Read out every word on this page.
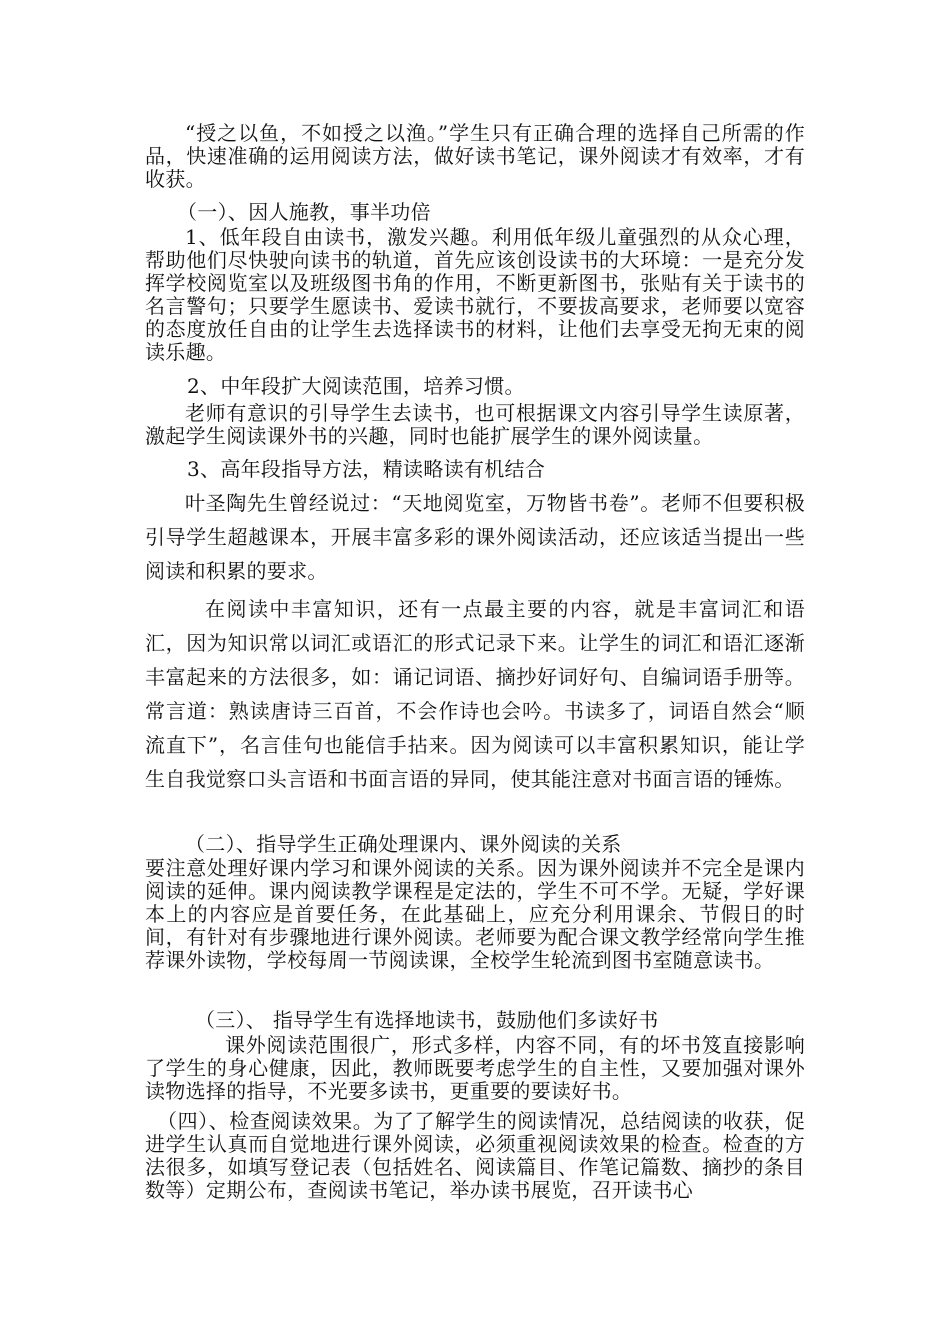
“授之以鱼，不如授之以渔。”学生只有正确合理的选择自己所需的作品，快速准确的运用阅读方法，做好读书笔记，课外阅读才有效率，才有收获。

（一）、因人施教，事半功倍

1、低年段自由读书，激发兴趣。利用低年级儿童强烈的从众心理，帮助他们尽快驶向读书的轨道，首先应该创设读书的大环境：一是充分发挥学校阅览室以及班级图书角的作用，不断更新图书，张贴有关于读书的名言警句；只要学生愿读书、爱读书就行，不要拔高要求，老师要以宽容的态度放任自由的让学生去选择读书的材料，让他们去享受无拘无束的阅读乐趣。

2、中年段扩大阅读范围，培养习惯。

老师有意识的引导学生去读书，也可根据课文内容引导学生读原著，激起学生阅读课外书的兴趣，同时也能扩展学生的课外阅读量。

3、高年段指导方法，精读略读有机结合

叶圣陶先生曾经说过：“天地阅览室，万物皆书卷”。老师不但要积极引导学生超越课本，开展丰富多彩的课外阅读活动，还应该适当提出一些阅读和积累的要求。

在阅读中丰富知识，还有一点最主要的内容，就是丰富词汇和语汇，因为知识常以词汇或语汇的形式记录下来。让学生的词汇和语汇逐渐丰富起来的方法很多，如：诵记词语、摘抄好词好句、自编词语手册等。常言道：熟读唐诗三百首，不会作诗也会吟。书读多了，词语自然会“顺流直下”，名言佳句也能信手拈来。因为阅读可以丰富积累知识，能让学生自我觉察口头言语和书面言语的异同，使其能注意对书面言语的锤炼。

（二）、指导学生正确处理课内、课外阅读的关系

要注意处理好课内学习和课外阅读的关系。因为课外阅读并不完全是课内阅读的延伸。课内阅读教学课程是定法的，学生不可不学。无疑，学好课本上的内容应是首要任务，在此基础上，应充分利用课余、节假日的时间，有针对有步骤地进行课外阅读。老师要为配合课文教学经常向学生推荐课外读物，学校每周一节阅读课，全校学生轮流到图书室随意读书。

（三）、 指导学生有选择地读书，鼓励他们多读好书

课外阅读范围很广，形式多样，内容不同，有的坏书笈直接影响了学生的身心健康，因此，教师既要考虑学生的自主性，又要加强对课外读物选择的指导，不光要多读书，更重要的要读好书。

（四）、检查阅读效果。为了了解学生的阅读情况，总结阅读的收获，促进学生认真而自觉地进行课外阅读，必须重视阅读效果的检查。检查的方法很多，如填写登记表（包括姓名、阅读篇目、作笔记篇数、摘抄的条目数等）定期公布，查阅读书笔记，举办读书展览，召开读书心
